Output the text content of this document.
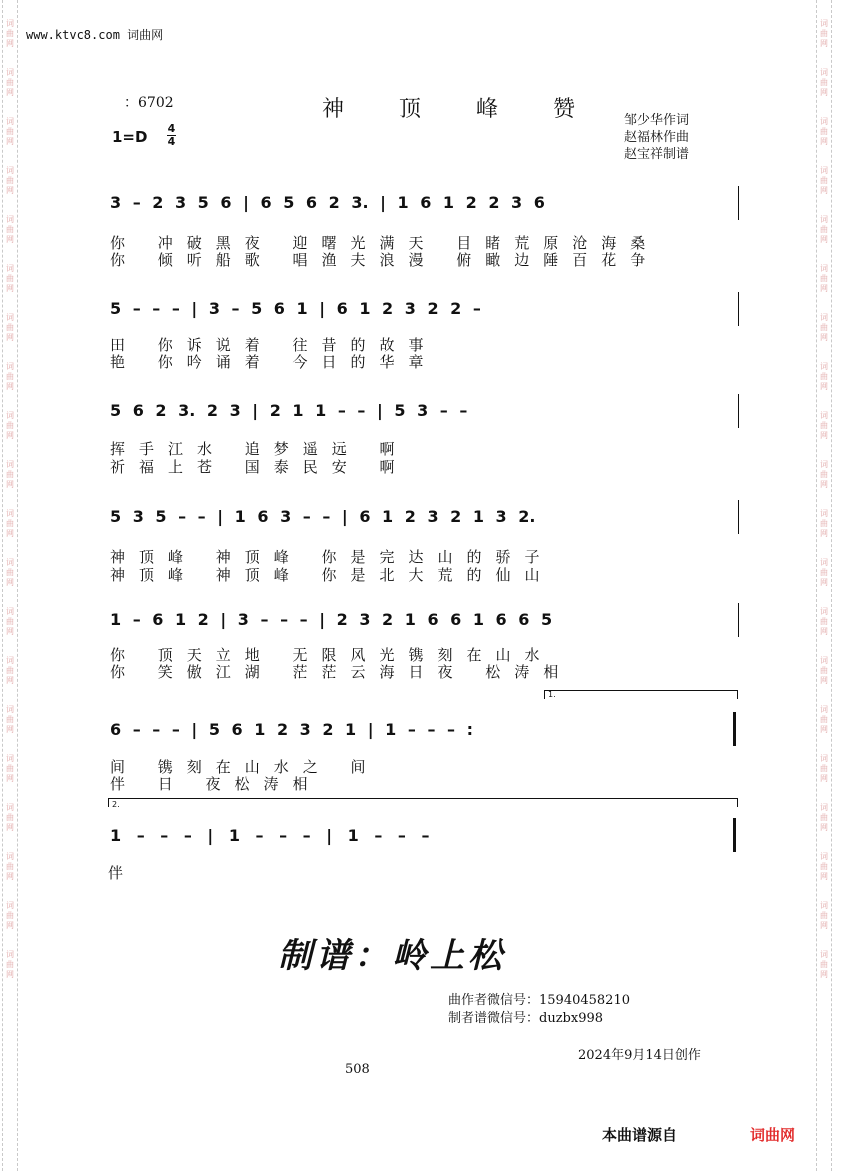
词曲网
词曲网
词曲网
词曲网
词曲网
词曲网
词曲网
词曲网
词曲网
词曲网
词曲网
词曲网
词曲网
词曲网
词曲网
词曲网
词曲网
词曲网
词曲网
词曲网
词曲网
词曲网
词曲网
词曲网
词曲网
词曲网
词曲网
词曲网
词曲网
词曲网
词曲网
词曲网
词曲网
词曲网
词曲网
词曲网
词曲网
词曲网
词曲网
词曲网
www.ktvc8.com 词曲网
：6702	神 顶 峰 赞
1=D 4
4
邹少华作词
赵福林作曲
赵宝祥制谱
3 – 2 3 5 6 | 6 5 6 2 3. | 1 6 1 2 2 3 6
你 冲破黑夜 迎曙光满天 目睹荒原沧海桑
你 倾听船歌 唱渔夫浪漫 俯瞰边陲百花争
5 – – – | 3 – 5 6 1 | 6 1 2 3 2 2 –
田 你诉说着 往昔的故事
艳 你吟诵着 今日的华章
5 6 2 3. 2 3 | 2 1 1 – – | 5 3 – –
挥手江水 追梦遥远 啊
祈福上苍 国泰民安 啊
5 3 5 – – | 1 6 3 – – | 6 1 2 3 2 1 3 2.
神顶峰 神顶峰 你是完达山的骄子
神顶峰 神顶峰 你是北大荒的仙山
1 – 6 1 2 | 3 – – – | 2 3 2 1 6 6 1 6 6 5
你 顶天立地 无限风光镌刻在山水
你 笑傲江湖 茫茫云海日夜 松涛相
1.
6 – – – | 5 6 1 2 3 2 1 | 1 – – – :
间 镌刻在山水之 间
伴 日 夜松涛相
2.
1 – – – | 1 – – – | 1 – – –
伴
制谱：岭上松
曲作者微信号：15940458210
制者谱微信号：duzbx998
2024年9月14日创作
508
本曲谱源自	词曲网
